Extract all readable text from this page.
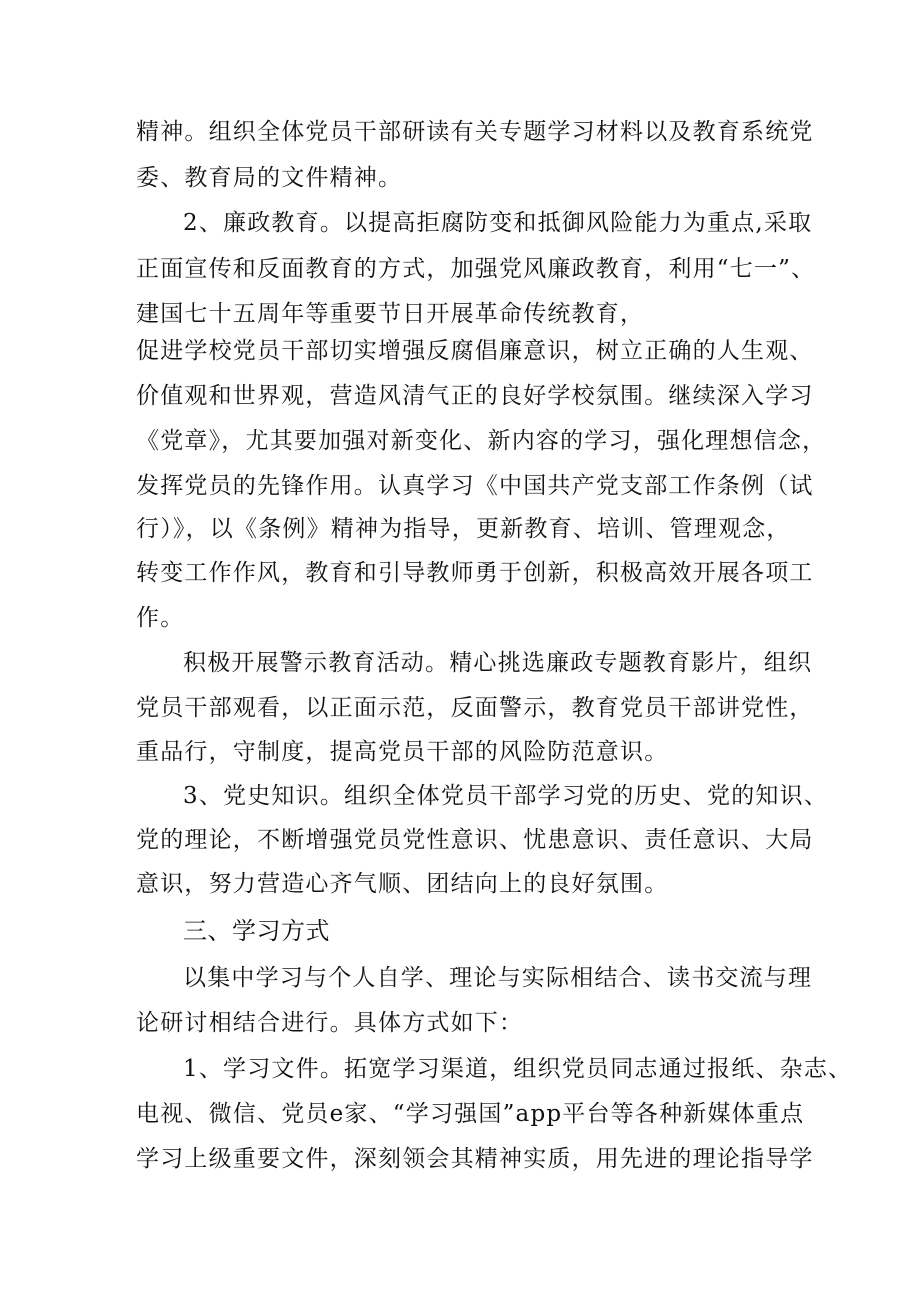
精神。组织全体党员干部研读有关专题学习材料以及教育系统党
委、教育局的文件精神。
2、廉政教育。以提高拒腐防变和抵御风险能力为重点,采取
正面宣传和反面教育的方式，加强党风廉政教育，利用“七一”、
建国七十五周年等重要节日开展革命传统教育，
促进学校党员干部切实增强反腐倡廉意识，树立正确的人生观、
价值观和世界观，营造风清气正的良好学校氛围。继续深入学习
《党章》，尤其要加强对新变化、新内容的学习，强化理想信念，
发挥党员的先锋作用。认真学习《中国共产党支部工作条例（试
行）》，以《条例》精神为指导，更新教育、培训、管理观念，
转变工作作风，教育和引导教师勇于创新，积极高效开展各项工
作。
积极开展警示教育活动。精心挑选廉政专题教育影片，组织
党员干部观看，以正面示范，反面警示，教育党员干部讲党性，
重品行，守制度，提高党员干部的风险防范意识。
3、党史知识。组织全体党员干部学习党的历史、党的知识、
党的理论，不断增强党员党性意识、忧患意识、责任意识、大局
意识，努力营造心齐气顺、团结向上的良好氛围。
三、学习方式
以集中学习与个人自学、理论与实际相结合、读书交流与理
论研讨相结合进行。具体方式如下：
1、学习文件。拓宽学习渠道，组织党员同志通过报纸、杂志、
电视、微信、党员e家、“学习强国”app平台等各种新媒体重点
学习上级重要文件，深刻领会其精神实质，用先进的理论指导学
